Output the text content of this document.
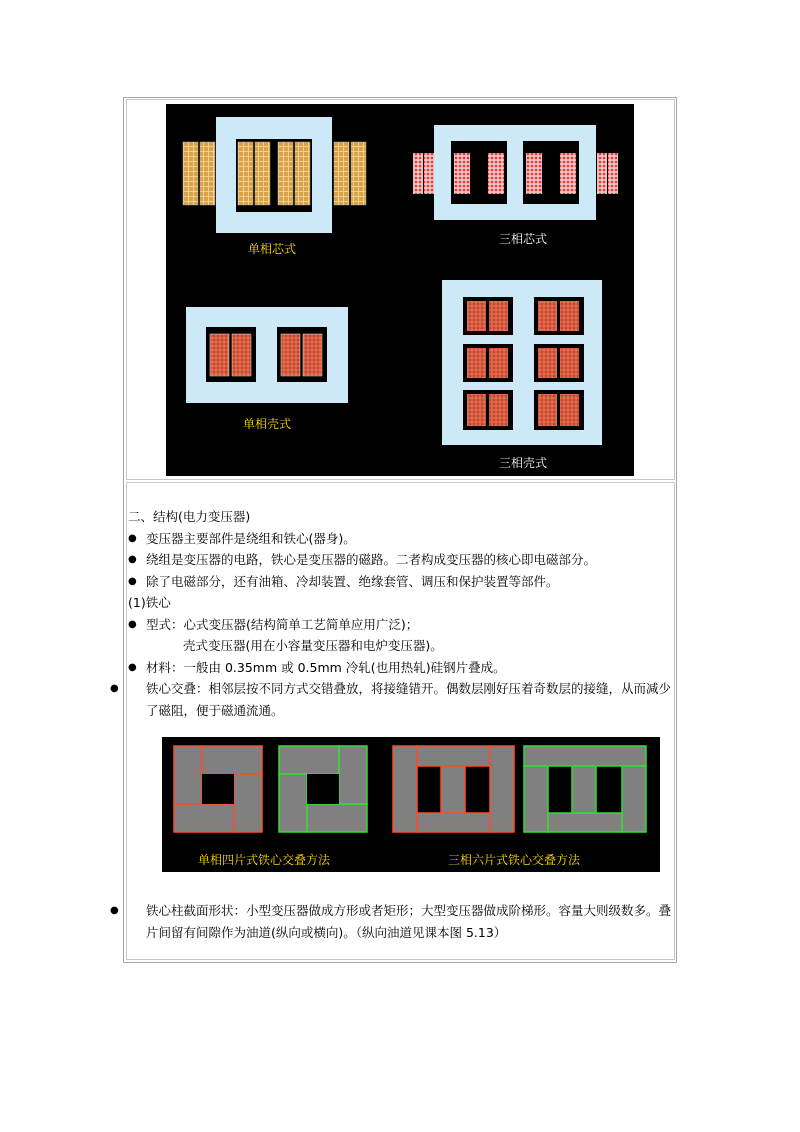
单相芯式
三相芯式
单相壳式
三相壳式
二、结构(电力变压器)
● 变压器主要部件是绕组和铁心(器身)。
● 绕组是变压器的电路，铁心是变压器的磁路。二者构成变压器的核心即电磁部分。
● 除了电磁部分，还有油箱、冷却装置、绝缘套管、调压和保护装置等部件。
(1)铁心
● 型式：心式变压器(结构简单工艺简单应用广泛)；
壳式变压器(用在小容量变压器和电炉变压器)。
● 材料：一般由 0.35mm 或 0.5mm 冷轧(也用热轧)硅钢片叠成。
● 铁心交叠：相邻层按不同方式交错叠放，将接缝错开。偶数层刚好压着奇数层的接缝，从而减少了磁阻，便于磁通流通。
单相四片式铁心交叠方法	三相六片式铁心交叠方法
● 铁心柱截面形状：小型变压器做成方形或者矩形；大型变压器做成阶梯形。容量大则级数多。叠片间留有间隙作为油道(纵向或横向)。（纵向油道见课本图 5.13）
